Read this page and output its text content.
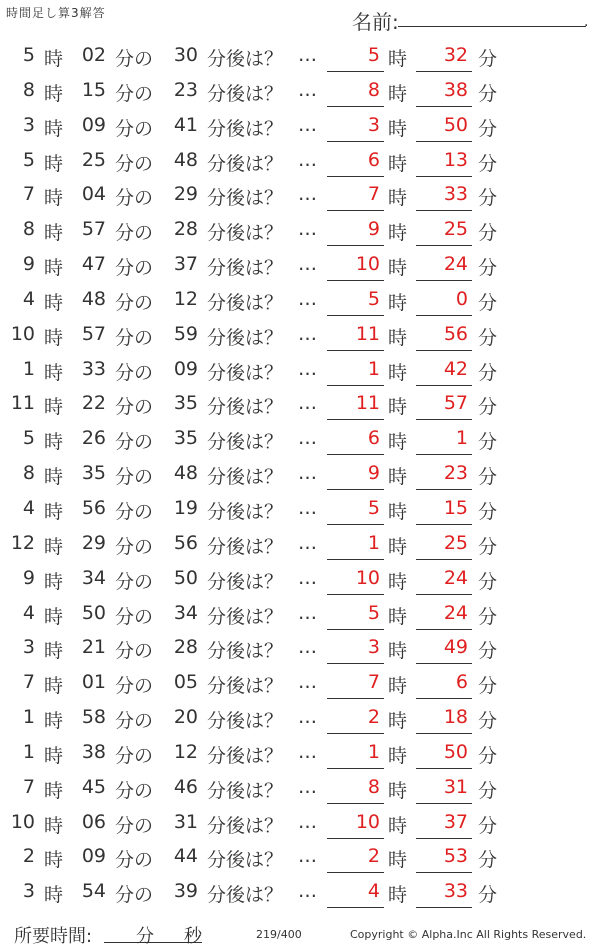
時間足し算3解答	名前:	.
5 時 02 分の	30 分後は？ …	5 時	32 分
8 時 15 分の	23 分後は？ …	8 時	38 分
3 時 09 分の	41 分後は？ …	3 時	50 分
5 時 25 分の	48 分後は？ …	6 時	13 分
7 時 04 分の	29 分後は？ …	7 時	33 分
8 時 57 分の	28 分後は？ …	9 時	25 分
9 時 47 分の	37 分後は？ …	10 時	24 分
4 時 48 分の	12 分後は？ …	5 時	0 分
10 時 57 分の	59 分後は？ …	11 時	56 分
1 時 33 分の	09 分後は？ …	1 時	42 分
11 時 22 分の	35 分後は？ …	11 時	57 分
5 時 26 分の	35 分後は？ …	6 時	1 分
8 時 35 分の	48 分後は？ …	9 時	23 分
4 時 56 分の	19 分後は？ …	5 時	15 分
12 時 29 分の	56 分後は？ …	1 時	25 分
9 時 34 分の	50 分後は？ …	10 時	24 分
4 時 50 分の	34 分後は？ …	5 時	24 分
3 時 21 分の	28 分後は？ …	3 時	49 分
7 時 01 分の	05 分後は？ …	7 時	6 分
1 時 58 分の	20 分後は？ …	2 時	18 分
1 時 38 分の	12 分後は？ …	1 時	50 分
7 時 45 分の	46 分後は？ …	8 時	31 分
10 時 06 分の	31 分後は？ …	10 時	37 分
2 時 09 分の	44 分後は？ …	2 時	53 分
3 時 54 分の	39 分後は？ …	4 時	33 分
所要時間: 分 秒	219/400	Copyright © Alpha.Inc All Rights Reserved.
